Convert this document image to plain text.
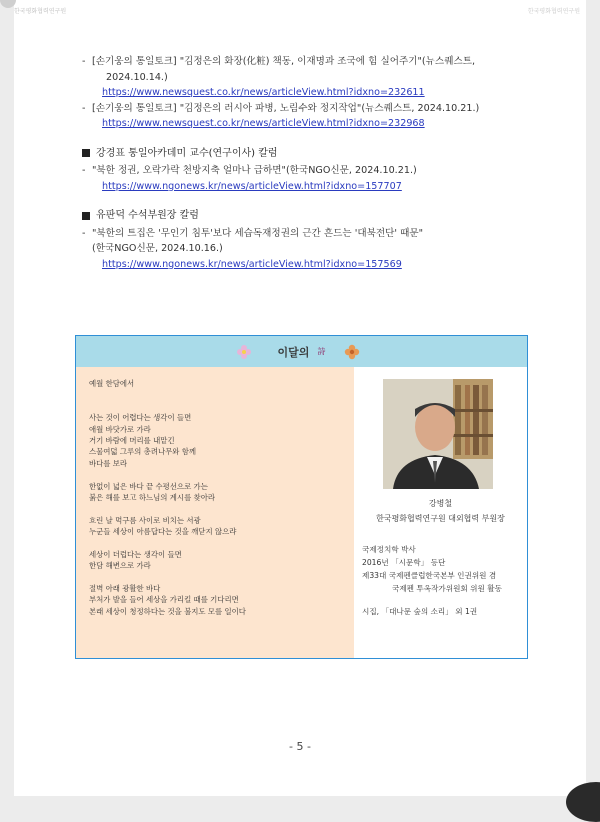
한국평화협력연구원	한국평화협력연구원
- [손기웅의 통일토크] "김정은의 화장(化粧) 책동, 이재명과 조국에 힘 실어주기"(뉴스퀘스트,
2024.10.14.)
https://www.newsquest.co.kr/news/articleView.html?idxno=232611
- [손기웅의 통일토크] "김정은의 러시아 파병, 노림수와 정지작업"(뉴스퀘스트, 2024.10.21.)
https://www.newsquest.co.kr/news/articleView.html?idxno=232968
강경표 통일아카데미 교수(연구이사) 칼럼
- "북한 정권, 오락가락 천방지축 얼마나 급하면"(한국NGO신문, 2024.10.21.)
https://www.ngonews.kr/news/articleView.html?idxno=157707
유판덕 수석부원장 칼럼
- "북한의 트집은 '무인기 침투'보다 세습독재정권의 근간 흔드는 '대북전단' 때문"
(한국NGO신문, 2024.10.16.)
https://www.ngonews.kr/news/articleView.html?idxno=157569
이달의 詩
예월 한담에서
사는 것이 어렵다는 생각이 들면
애월 바닷가로 가라
거기 바람에 머리를 내맡긴
스물여덟 그루의 총려나무와 함께
바다를 보라
한없이 넓은 바다 끝 수평선으로 가는
붉은 해를 보고 하느님의 계시를 찾아라
흐린 날 먹구름 사이로 비치는 서광
누군들 세상이 아름답다는 것을 깨닫지 않으랴
세상이 더럽다는 생각이 들면
한담 해변으로 가라
절벽 아래 광활한 바다
부처가 발을 들어 세상을 가리킬 때를 기다리면
본래 세상이 청정하다는 것을 불지도 모를 일이다
강병철
한국평화협력연구원 대외협력 부원장
국제정치학 박사
2016년 「시문학」 등단
제33대 국제펜클럽한국본부 인권위원 겸
국제펜 투옥작가위원회 위원 활동
시집, 「대나문 숲의 소리」 외 1권
- 5 -
